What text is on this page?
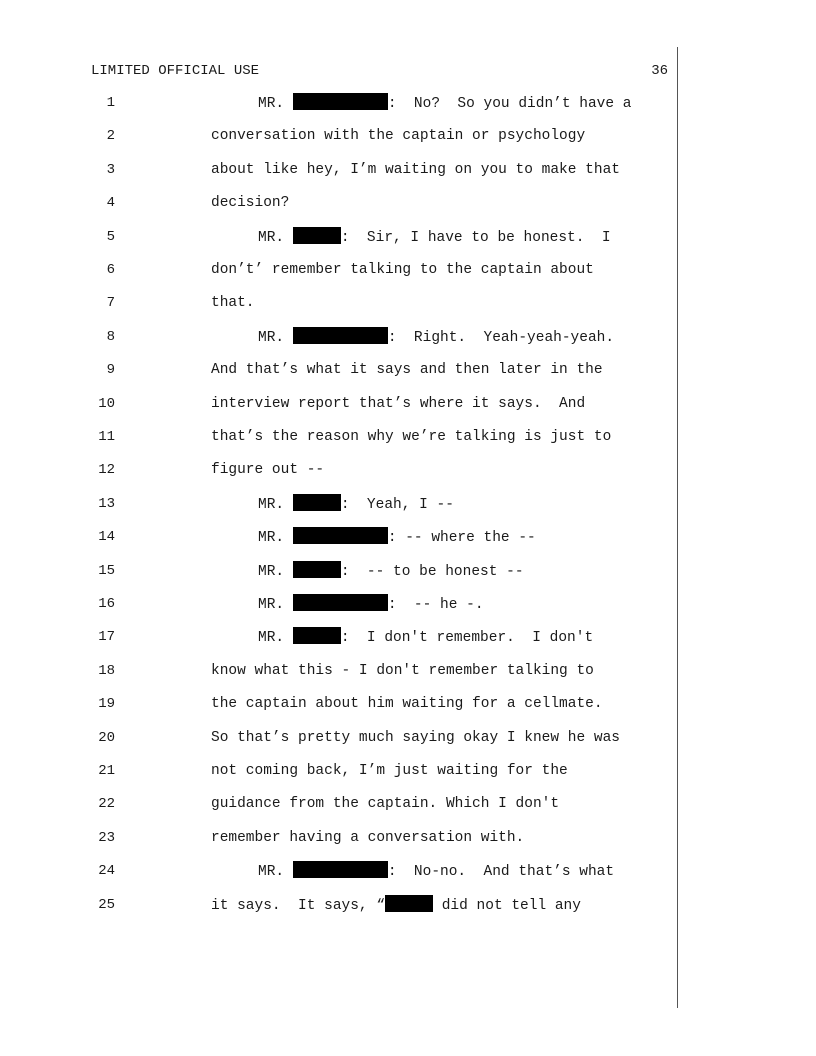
LIMITED OFFICIAL USE	36
1	MR.	:  No?  So you didn’t have a
2	conversation with the captain or psychology
3	about like hey, I’m waiting on you to make that
4	decision?
5	MR.	:  Sir, I have to be honest.  I
6	don’t’ remember talking to the captain about
7	that.
8	MR.	:  Right.  Yeah-yeah-yeah.
9	And that’s what it says and then later in the
10	interview report that’s where it says.  And
11	that’s the reason why we’re talking is just to
12	figure out --
13	MR.	:  Yeah, I --
14	MR.	: -- where the --
15	MR.	:  -- to be honest --
16	MR.	:  -- he -.
17	MR.	:  I don't remember.  I don't
18	know what this - I don't remember talking to
19	the captain about him waiting for a cellmate.
20	So that’s pretty much saying okay I knew he was
21	not coming back, I’m just waiting for the
22	guidance from the captain. Which I don't
23	remember having a conversation with.
24	MR.	:  No-no.  And that’s what
25	it says.  It says, “	did not tell any
